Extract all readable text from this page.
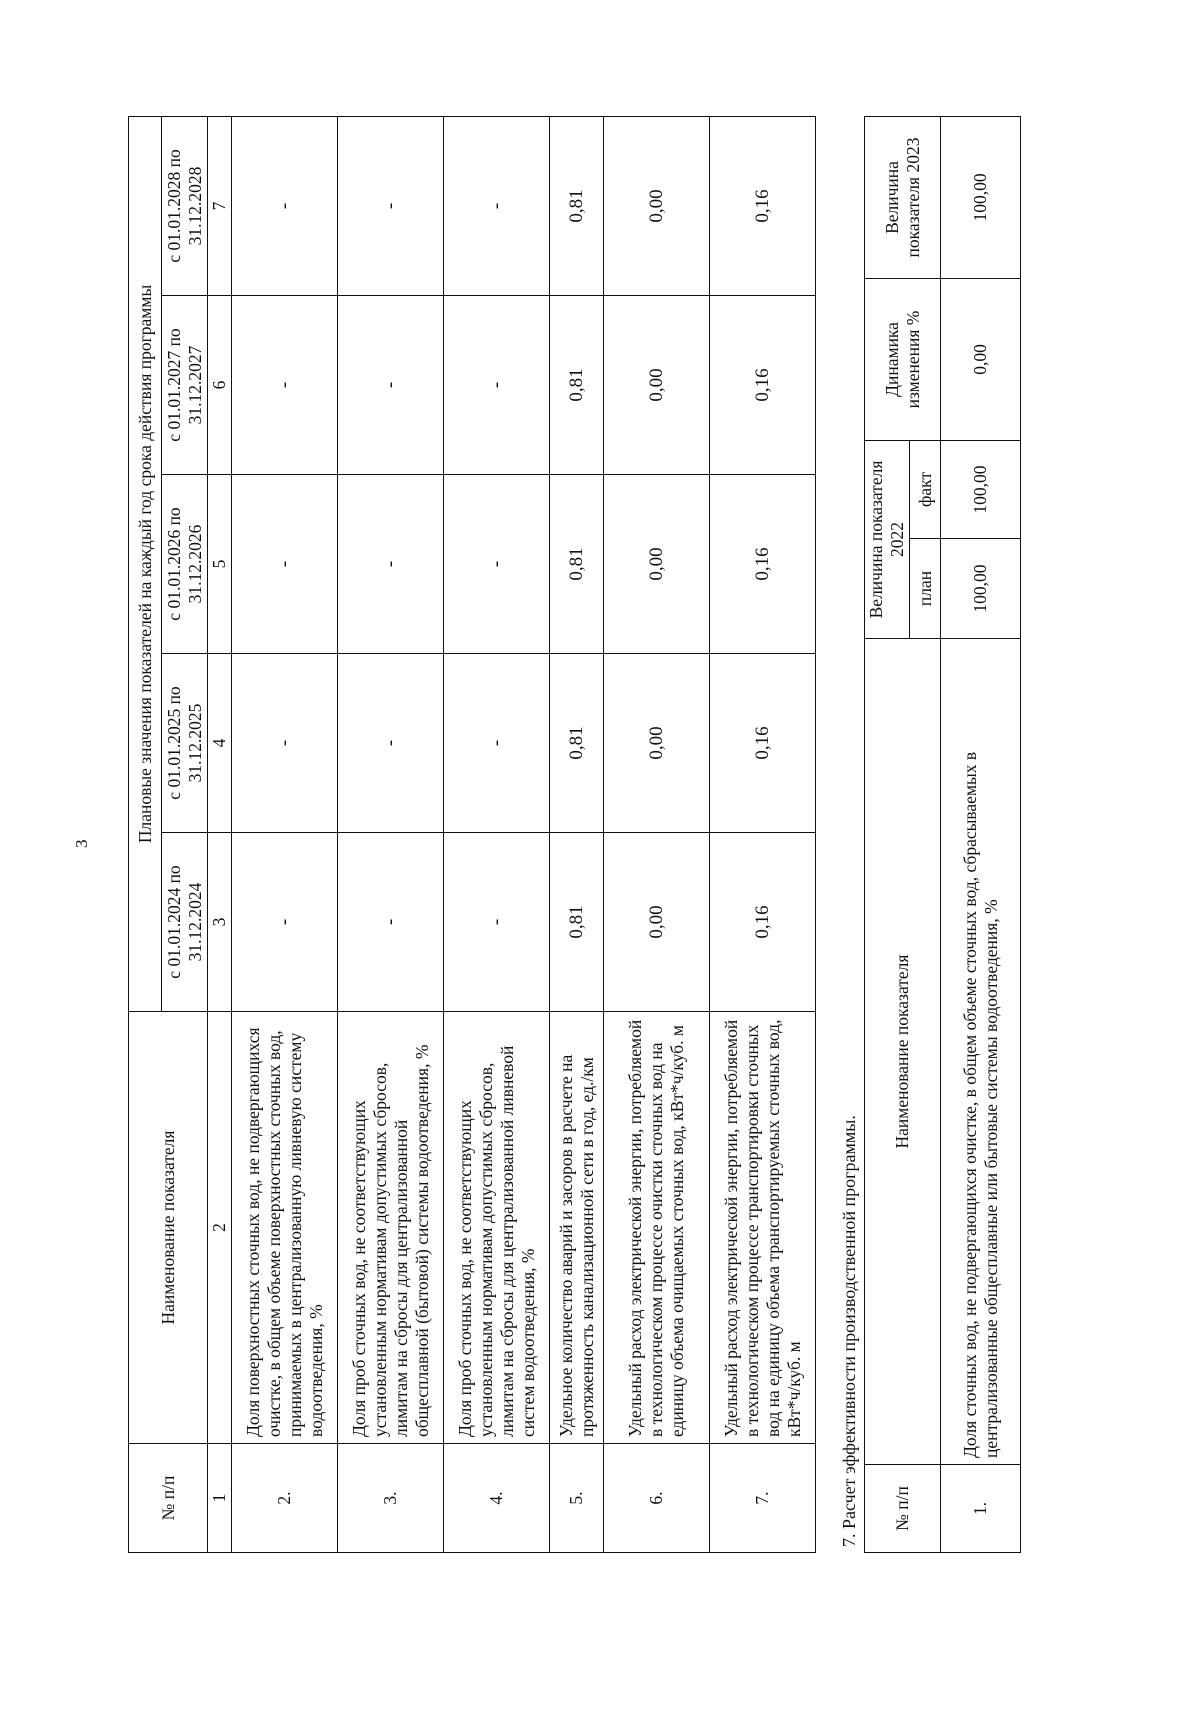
3
№ п/п	Наименование показателя	Плановые значения показателей на каждый год срока действия программы				
		с 01.01.2024 по 31.12.2024	с 01.01.2025 по 31.12.2025	с 01.01.2026 по 31.12.2026	с 01.01.2027 по 31.12.2027	с 01.01.2028 по 31.12.2028
1	2	3	4	5	6	7
2.	Доля поверхностных сточных вод, не подвергающихся очистке, в общем объеме поверхностных сточных вод, принимаемых в централизованную ливневую систему водоотведения, %	-	-	-	-	-
3.	Доля проб сточных вод, не соответствующих установленным нормативам допустимых сбросов, лимитам на сбросы для централизованной общесплавной (бытовой) системы водоотведения, %	-	-	-	-	-
4.	Доля проб сточных вод, не соответствующих установленным нормативам допустимых сбросов, лимитам на сбросы для централизованной ливневой систем водоотведения, %	-	-	-	-	-
5.	Удельное количество аварий и засоров в расчете на протяженность канализационной сети в год, ед./км	0,81	0,81	0,81	0,81	0,81
6.	Удельный расход электрической энергии, потребляемой в технологическом процессе очистки сточных вод на единицу объема очищаемых сточных вод, кВт*ч/куб. м	0,00	0,00	0,00	0,00	0,00
7.	Удельный расход электрической энергии, потребляемой в технологическом процессе транспортировки сточных вод на единицу объема транспортируемых сточных вод, кВт*ч/куб. м	0,16	0,16	0,16	0,16	0,16
7. Расчет эффективности производственной программы. № п/п	Наименование показателя	Величина показателя 2022		Динамика изменения %	Величина показателя 2023
		план	факт		
1.	Доля сточных вод, не подвергающихся очистке, в общем объеме сточных вод, сбрасываемых в централизованные общесплавные или бытовые системы водоотведения, %	100,00	100,00	0,00	100,00
